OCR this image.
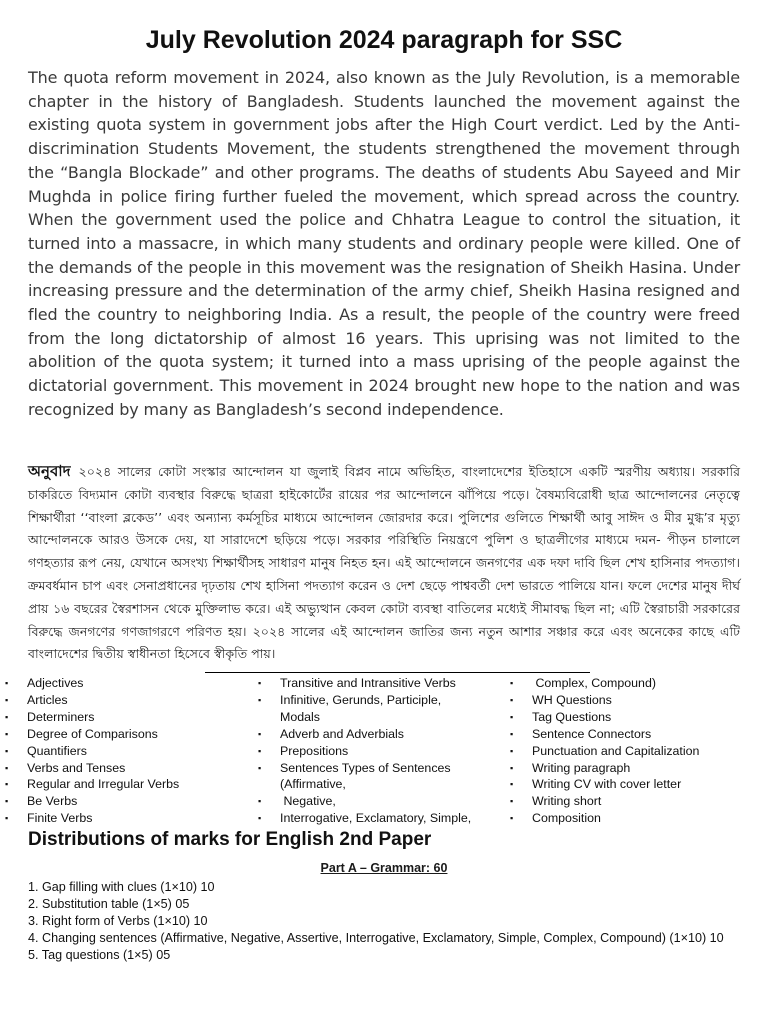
July Revolution 2024 paragraph for SSC
The quota reform movement in 2024, also known as the July Revolution, is a memorable chapter in the history of Bangladesh. Students launched the movement against the existing quota system in government jobs after the High Court verdict. Led by the Anti-discrimination Students Movement, the students strengthened the movement through the “Bangla Blockade” and other programs. The deaths of students Abu Sayeed and Mir Mughda in police firing further fueled the movement, which spread across the country. When the government used the police and Chhatra League to control the situation, it turned into a massacre, in which many students and ordinary people were killed. One of the demands of the people in this movement was the resignation of Sheikh Hasina. Under increasing pressure and the determination of the army chief, Sheikh Hasina resigned and fled the country to neighboring India. As a result, the people of the country were freed from the long dictatorship of almost 16 years. This uprising was not limited to the abolition of the quota system; it turned into a mass uprising of the people against the dictatorial government. This movement in 2024 brought new hope to the nation and was recognized by many as Bangladesh’s second independence.
অনুবাদ ২০২৪ সালের কোটা সংস্কার আন্দোলন যা জুলাই বিপ্লব নামে অভিহিত, বাংলাদেশের ইতিহাসে একটি স্মরণীয় অধ্যায়। সরকারি চাকরিতে বিদ্যমান কোটা ব্যবস্থার বিরুদ্ধে ছাত্ররা হাইকোর্টের রায়ের পর আন্দোলনে ঝাঁপিয়ে পড়ে। বৈষম্যবিরোধী ছাত্র আন্দোলনের নেতৃত্বে শিক্ষার্থীরা ‘‘বাংলা ব্লকেড’’ এবং অন্যান্য কর্মসূচির মাধ্যমে আন্দোলন জোরদার করে। পুলিশের গুলিতে শিক্ষার্থী আবু সাঈদ ও মীর মুগ্ধ’র মৃত্যু আন্দোলনকে আরও উসকে দেয়, যা সারাদেশে ছড়িয়ে পড়ে। সরকার পরিস্থিতি নিয়ন্ত্রণে পুলিশ ও ছাত্রলীগের মাধ্যমে দমন- পীড়ন চালালে গণহত্যার রূপ নেয়, যেখানে অসংখ্য শিক্ষার্থীসহ সাধারণ মানুষ নিহত হন। এই আন্দোলনে জনগণের এক দফা দাবি ছিল শেখ হাসিনার পদত্যাগ। ক্রমবর্ধমান চাপ এবং সেনাপ্রধানের দৃঢ়তায় শেখ হাসিনা পদত্যাগ করেন ও দেশ ছেড়ে পাশ্ববর্তী দেশ ভারতে পালিয়ে যান। ফলে দেশের মানুষ দীর্ঘ প্রায় ১৬ বছরের স্বৈরশাসন থেকে মুক্তিলাভ করে। এই অভ্যুত্থান কেবল কোটা ব্যবস্থা বাতিলের মধ্যেই সীমাবদ্ধ ছিল না; এটি স্বৈরাচারী সরকারের বিরুদ্ধে জনগণের গণজাগরণে পরিণত হয়। ২০২৪ সালের এই আন্দোলন জাতির জন্য নতুন আশার সঞ্চার করে এবং অনেকের কাছে এটি বাংলাদেশের দ্বিতীয় স্বাধীনতা হিসেবে স্বীকৃতি পায়।
▪ Adjectives
▪ Articles
▪ Determiners
▪ Degree of Comparisons
▪ Quantifiers
▪ Verbs and Tenses
▪ Regular and Irregular Verbs
▪ Be Verbs
▪ Finite Verbs
▪ Transitive and Intransitive Verbs
▪ Infinitive, Gerunds, Participle,
Modals
▪ Adverb and Adverbials
▪ Prepositions
▪ Sentences Types of Sentences
(Affirmative,
▪  Negative,
▪ Interrogative, Exclamatory, Simple,
▪  Complex, Compound)
▪ WH Questions
▪ Tag Questions
▪ Sentence Connectors
▪ Punctuation and Capitalization
▪ Writing paragraph
▪ Writing CV with cover letter
▪ Writing short
▪ Composition
Distributions of marks for English 2nd Paper
Part A – Grammar: 60
1. Gap filling with clues (1×10) 10
2. Substitution table (1×5) 05
3. Right form of Verbs (1×10) 10
4. Changing sentences (Affirmative, Negative, Assertive, Interrogative, Exclamatory, Simple, Complex, Compound) (1×10) 10
5. Tag questions (1×5) 05
